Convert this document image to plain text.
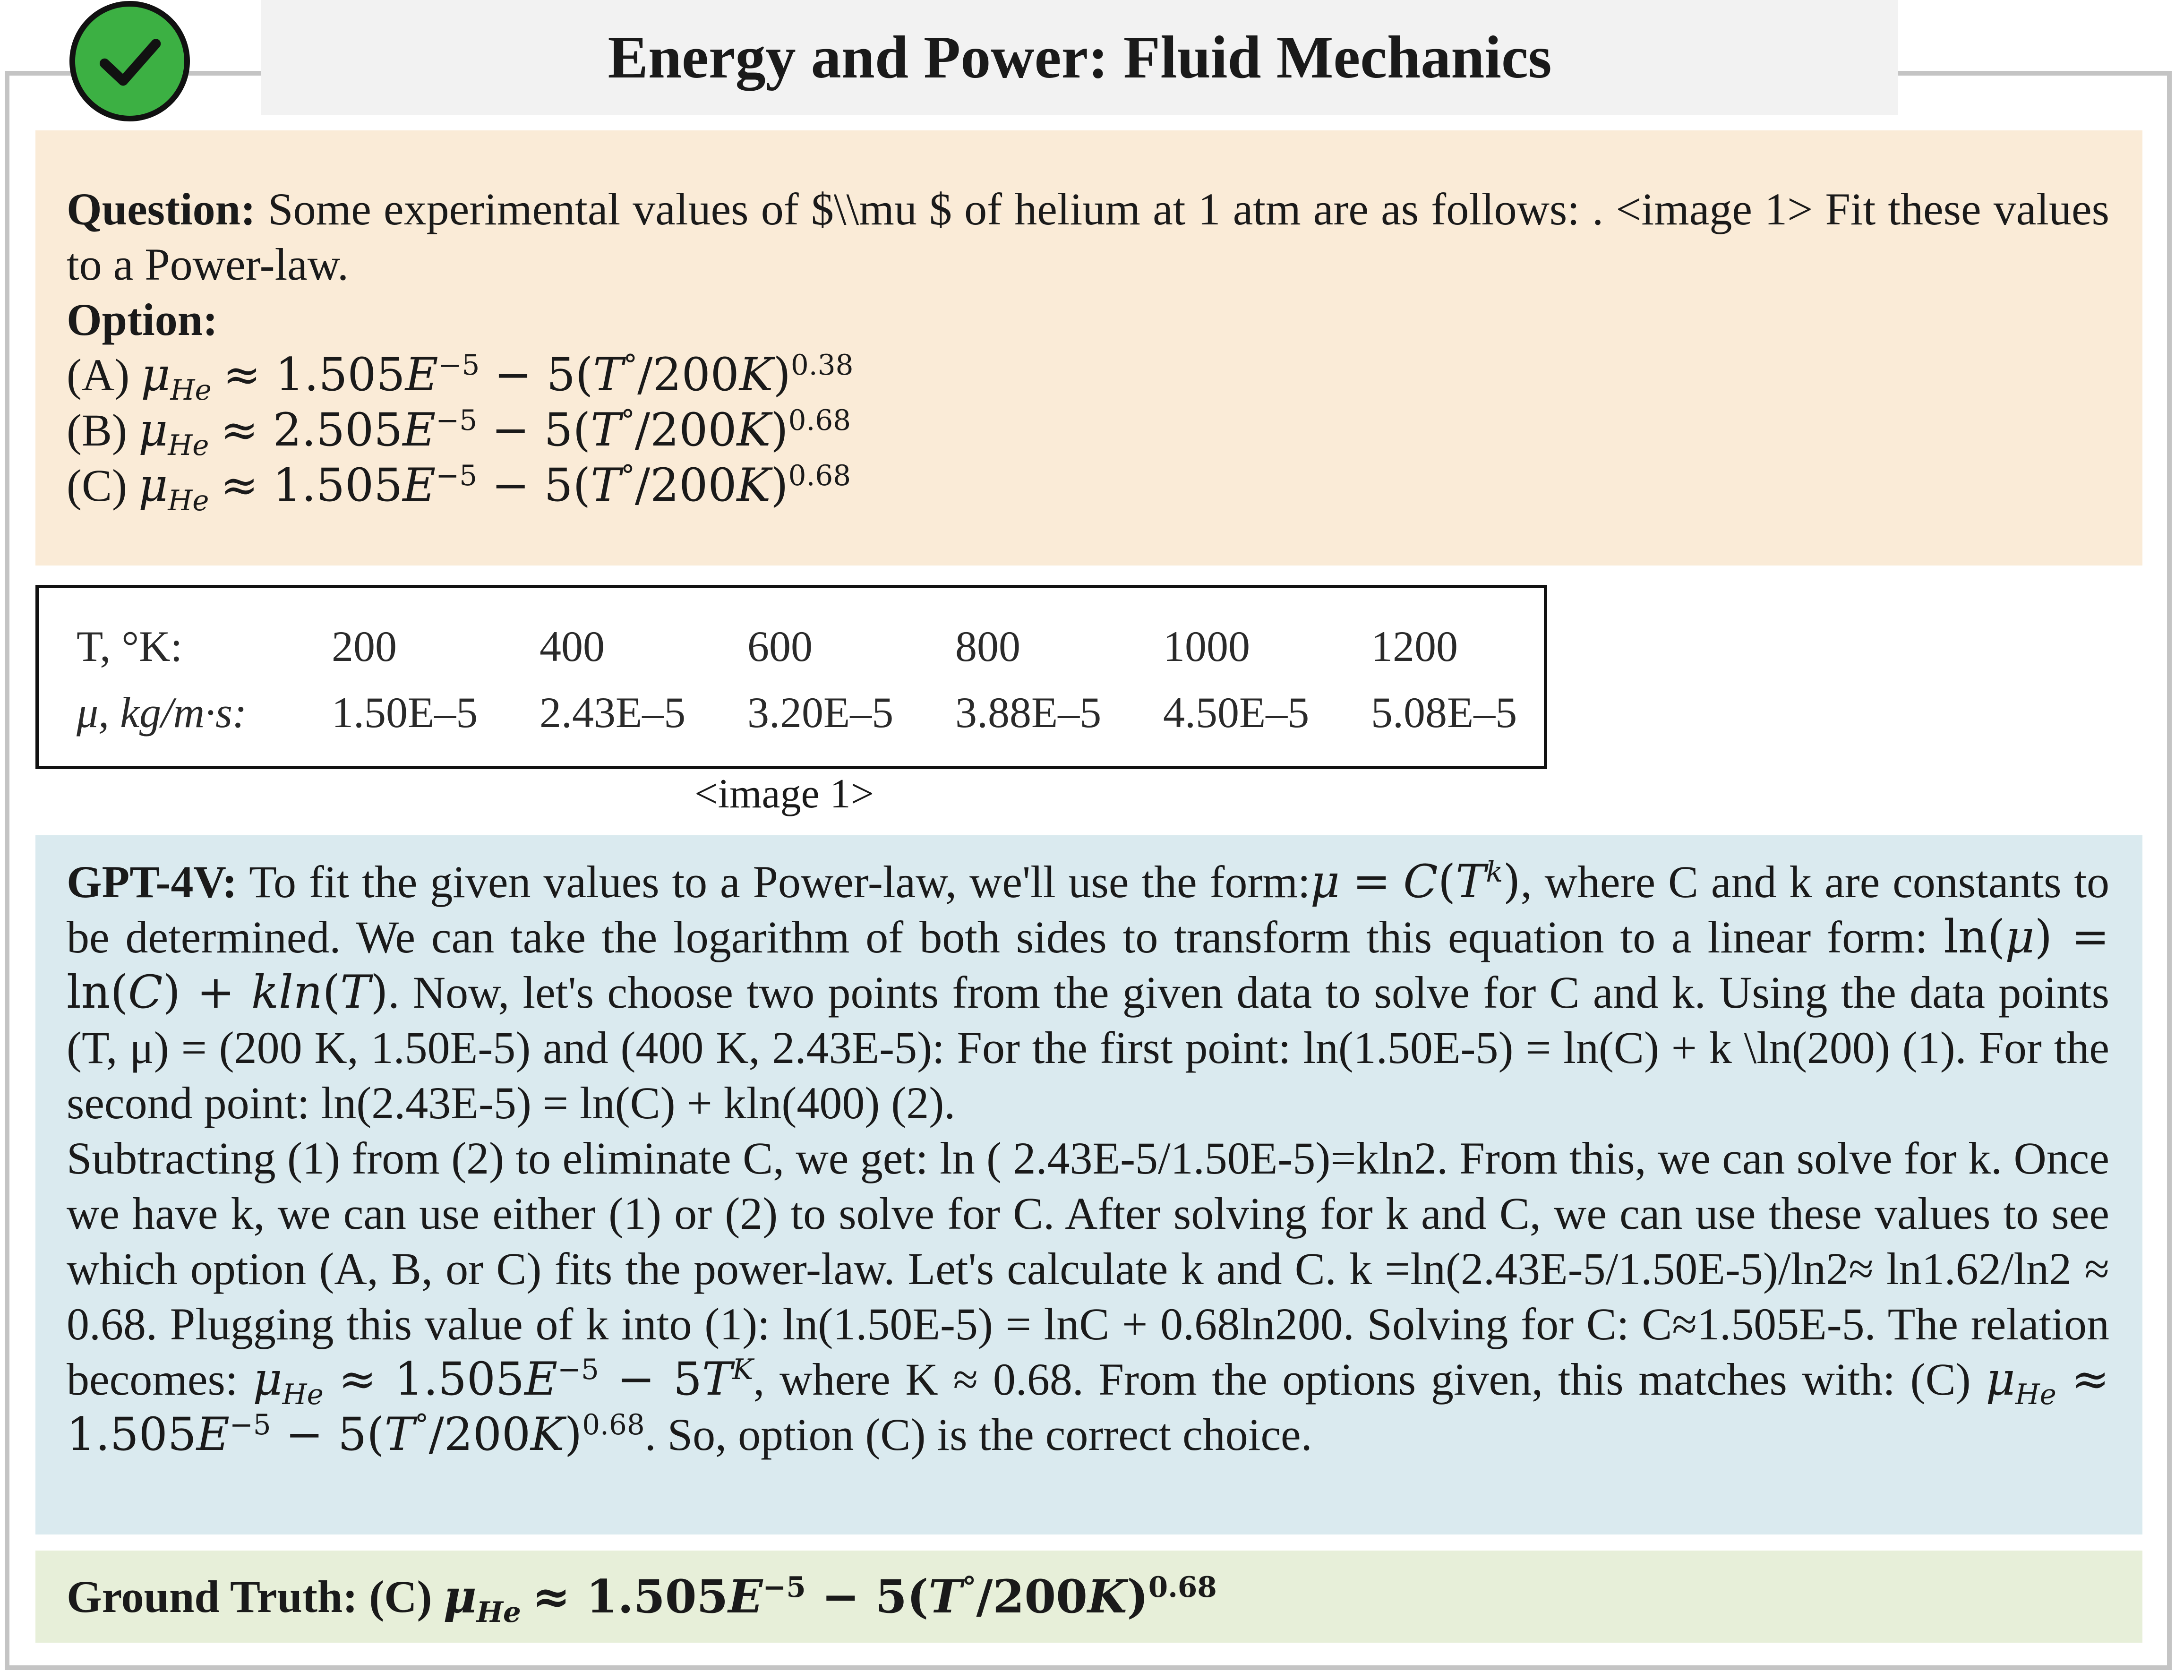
Energy and Power: Fluid Mechanics
Question: Some experimental values of $\\mu $ of helium at 1 atm are as follows: . <image 1> Fit these values to a Power-law.
Option:
(A) $\mu_{He} \approx 1.505E^{-5} - 5(T^\circ/200K)^{0.38}$
(B) $\mu_{He} \approx 2.505E^{-5} - 5(T^\circ/200K)^{0.68}$
(C) $\mu_{He} \approx 1.505E^{-5} - 5(T^\circ/200K)^{0.68}$
T, °K:	200	400	600	800	1000	1200
μ, kg/m·s:	1.50E–5	2.43E–5	3.20E–5	3.88E–5	4.50E–5	5.08E–5
<image 1>
GPT-4V: To fit the given values to a Power-law, we'll use the form:μ = $C(T^k)$, where C and k are constants to be determined. We can take the logarithm of both sides to transform this equation to a linear form: ln(μ) = ln(C) + kln(T). Now, let's choose two points from the given data to solve for C and k. Using the data points (T, μ) = (200 K, 1.50E-5) and (400 K, 2.43E-5): For the first point: ln(1.50E-5) = ln(C) + k \ln(200) (1). For the second point: ln(2.43E-5) = ln(C) + kln(400) (2).
Subtracting (1) from (2) to eliminate C, we get: ln ( 2.43E-5/1.50E-5)=kln2. From this, we can solve for k. Once we have k, we can use either (1) or (2) to solve for C. After solving for k and C, we can use these values to see which option (A, B, or C) fits the power-law. Let's calculate k and C. k =ln(2.43E-5/1.50E-5)/ln2≈ ln1.62/ln2 ≈ 0.68. Plugging this value of k into (1): ln(1.50E-5) = lnC + 0.68ln200. Solving for C: C≈1.505E-5. The relation becomes: $\mu_{He} \approx 1.505E^{-5} - 5T^K$, where K ≈ 0.68. From the options given, this matches with: (C) $\mu_{He} \approx 1.505E^{-5} - 5(T^\circ/200K)^{0.68}$. So, option (C) is the correct choice.
Ground Truth: (C)
$\mu_{He}$
≈ $1.505E^{-5} - 5(T^\circ/200K)^{0.68}$
